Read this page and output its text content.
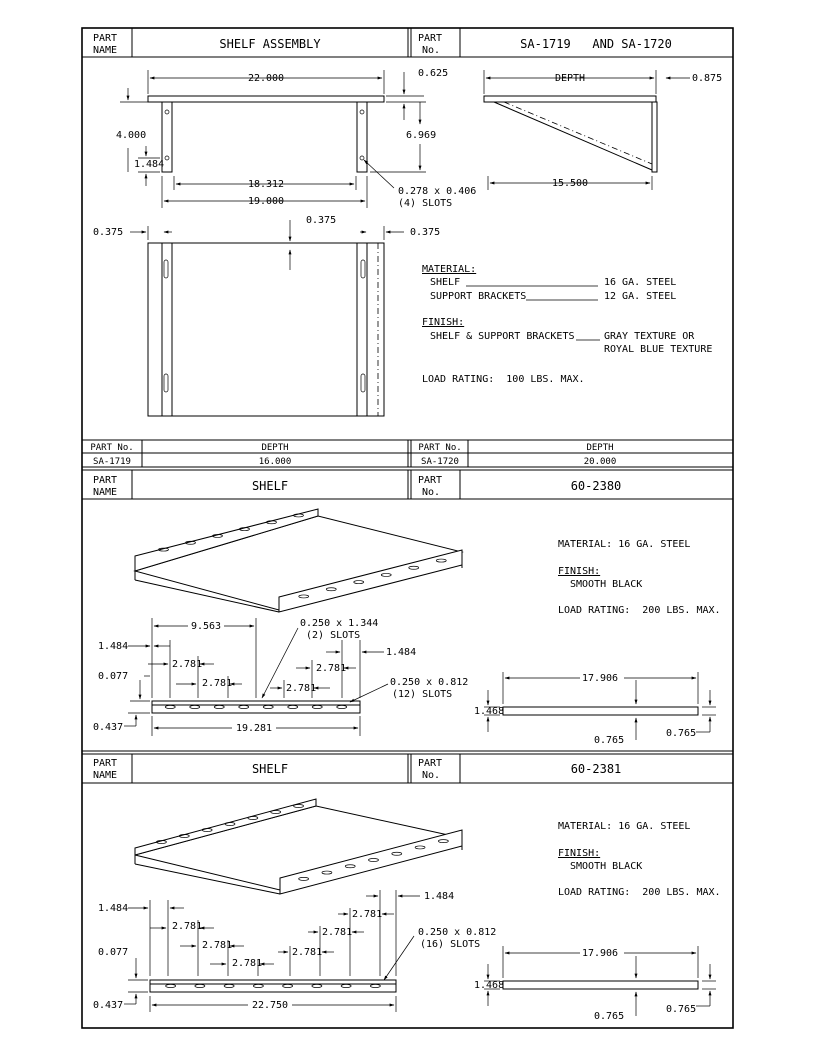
PART
NAME	SHELF ASSEMBLY	PART
No.	SA-1719   AND SA-1720
22.000	0.625
6.969
4.000
1.484
18.312
19.000
0.278 x 0.406
(4) SLOTS
DEPTH	0.875
15.500
0.375
0.375
0.375
MATERIAL:
SHELF	16 GA. STEEL
SUPPORT BRACKETS	12 GA. STEEL
FINISH:
SHELF & SUPPORT BRACKETS	GRAY TEXTURE OR
ROYAL BLUE TEXTURE
LOAD RATING:  100 LBS. MAX.
PART No.	DEPTH	PART No.	DEPTH
SA-1719	16.000	SA-1720	20.000
PART
NAME	SHELF	PART
No.	60-2380
9.563	0.250 x 1.344
(2) SLOTS
1.484
2.781
2.781	2.781
2.781
1.484
0.077
0.250 x 0.812
(12) SLOTS
0.437	19.281
17.906
1.468
0.765
0.765
MATERIAL: 16 GA. STEEL
FINISH:
SMOOTH BLACK
LOAD RATING:  200 LBS. MAX.
PART
NAME	SHELF	PART
No.	60-2381
1.484
2.781
2.781
2.781
2.781
2.781
2.781
1.484
0.077
0.250 x 0.812
(16) SLOTS
0.437	22.750
17.906
1.468
0.765
0.765
MATERIAL: 16 GA. STEEL
FINISH:
SMOOTH BLACK
LOAD RATING:  200 LBS. MAX.
